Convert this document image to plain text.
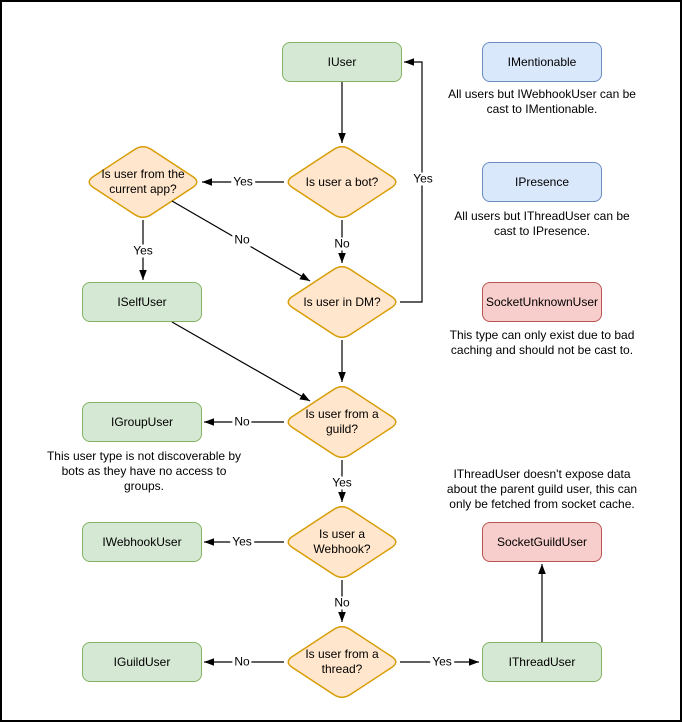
IUser	IMentionable
IPresence
SocketUnknownUser
ISelfUser
IGroupUser
IWebhookUser
IGuildUser
SocketGuildUser
IThreadUser
Is user a bot?
Is user from the
current app?
Is user in DM?
Is user from a
guild?
Is user a
Webhook?
Is user from a
thread?
Yes
No
Yes
No
Yes
No
Yes
Yes
No
No	Yes
All users but IWebhookUser can be
cast to IMentionable.
All users but IThreadUser can be
cast to IPresence.
This type can only exist due to bad
caching and should not be cast to.
IThreadUser doesn't expose data
about the parent guild user, this can
only be fetched from socket cache.
This user type is not discoverable by
bots as they have no access to
groups.
